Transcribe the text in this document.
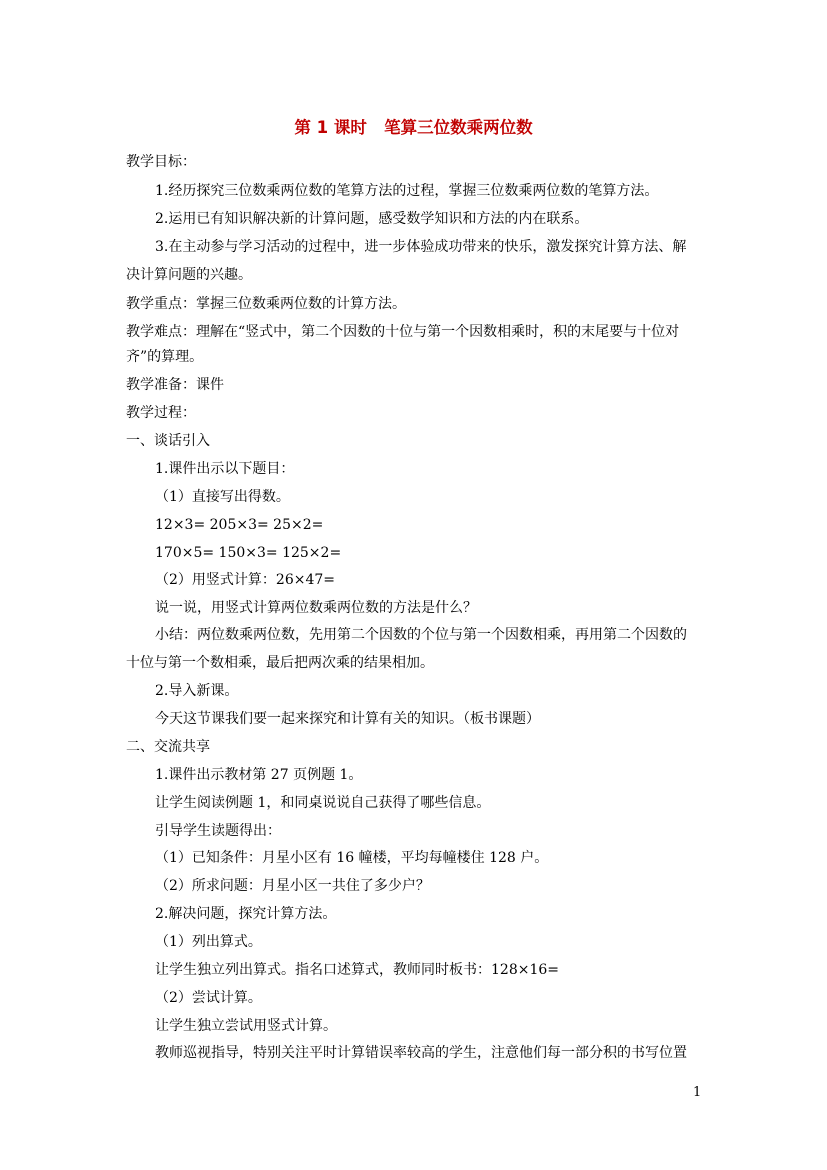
第 1 课时   笔算三位数乘两位数
教学目标：
1.经历探究三位数乘两位数的笔算方法的过程，掌握三位数乘两位数的笔算方法。
2.运用已有知识解决新的计算问题，感受数学知识和方法的内在联系。
3.在主动参与学习活动的过程中，进一步体验成功带来的快乐，激发探究计算方法、解
决计算问题的兴趣。
教学重点：掌握三位数乘两位数的计算方法。
教学难点：理解在“竖式中，第二个因数的十位与第一个因数相乘时，积的末尾要与十位对
齐”的算理。
教学准备：课件
教学过程：
一、谈话引入
1.课件出示以下题目：
（1）直接写出得数。
12×3= 205×3= 25×2=
170×5= 150×3= 125×2=
（2）用竖式计算：26×47=
说一说，用竖式计算两位数乘两位数的方法是什么？
小结：两位数乘两位数，先用第二个因数的个位与第一个因数相乘，再用第二个因数的
十位与第一个数相乘，最后把两次乘的结果相加。
2.导入新课。
今天这节课我们要一起来探究和计算有关的知识。（板书课题）
二、交流共享
1.课件出示教材第 27 页例题 1。
让学生阅读例题 1，和同桌说说自己获得了哪些信息。
引导学生读题得出：
（1）已知条件：月星小区有 16 幢楼，平均每幢楼住 128 户。
（2）所求问题：月星小区一共住了多少户？
2.解决问题，探究计算方法。
（1）列出算式。
让学生独立列出算式。指名口述算式，教师同时板书：128×16=
（2）尝试计算。
让学生独立尝试用竖式计算。
教师巡视指导，特别关注平时计算错误率较高的学生，注意他们每一部分积的书写位置
1
